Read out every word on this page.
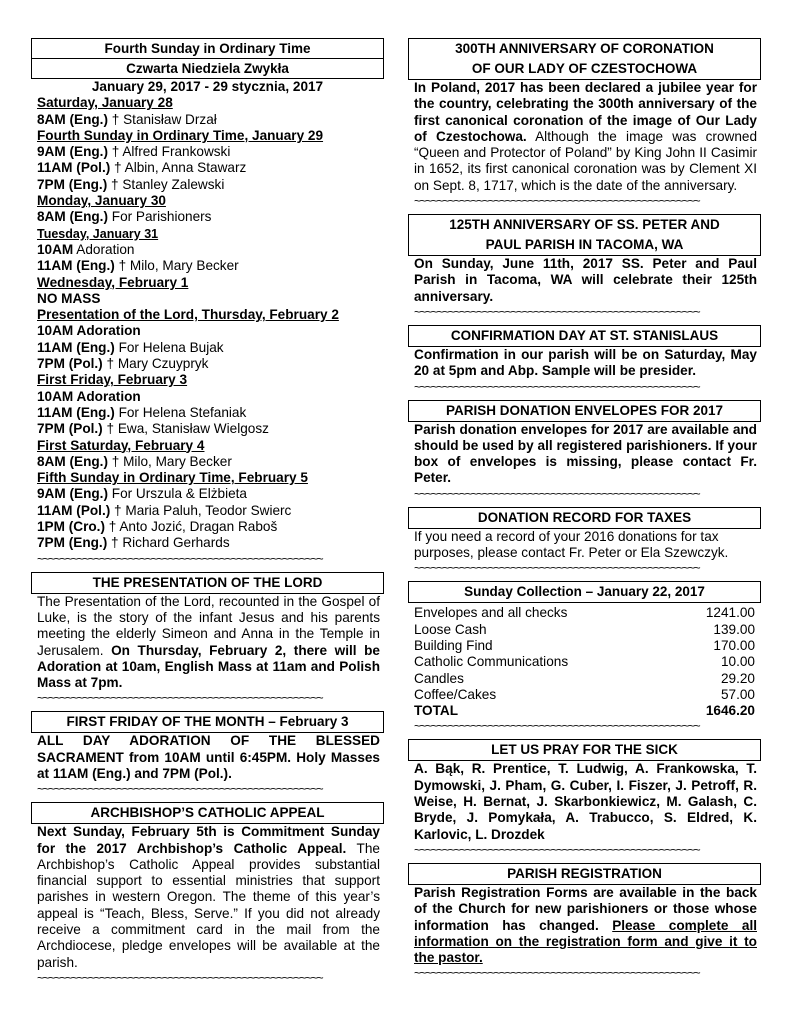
Fourth Sunday in Ordinary Time
Czwarta Niedziela Zwykła
January 29, 2017 - 29 stycznia, 2017
Saturday, January 28
8AM (Eng.) † Stanisław Drzał
Fourth Sunday in Ordinary Time, January 29
9AM (Eng.) † Alfred Frankowski
11AM (Pol.) † Albin, Anna Stawarz
7PM (Eng.) † Stanley Zalewski
Monday, January 30
8AM (Eng.) For Parishioners
Tuesday, January 31
10AM Adoration
11AM (Eng.) † Milo, Mary Becker
Wednesday, February 1
NO MASS
Presentation of the Lord, Thursday, February 2
10AM Adoration
11AM (Eng.) For Helena Bujak
7PM (Pol.) † Mary Czuypryk
First Friday, February 3
10AM Adoration
11AM (Eng.) For Helena Stefaniak
7PM (Pol.) † Ewa, Stanisław Wielgosz
First Saturday, February 4
8AM (Eng.) † Milo, Mary Becker
Fifth Sunday in Ordinary Time, February 5
9AM (Eng.) For Urszula & Elżbieta
11AM (Pol.) † Maria Paluh, Teodor Swierc
1PM (Cro.) † Anto Jozić, Dragan Raboš
7PM (Eng.) † Richard Gerhards
~~~~~~~~~~~~~~~~~~~~~~~~~~~~~~~~~~~~~~~~~~~~~~~~~~
THE PRESENTATION OF THE LORD
The Presentation of the Lord, recounted in the Gospel of Luke, is the story of the infant Jesus and his parents meeting the elderly Simeon and Anna in the Temple in Jerusalem. On Thursday, February 2, there will be Adoration at 10am, English Mass at 11am and Polish Mass at 7pm.
~~~~~~~~~~~~~~~~~~~~~~~~~~~~~~~~~~~~~~~~~~~~~~~~~~
FIRST FRIDAY OF THE MONTH – February 3
ALL DAY ADORATION OF THE BLESSED SACRAMENT from 10AM until 6:45PM. Holy Masses at 11AM (Eng.) and 7PM (Pol.).
~~~~~~~~~~~~~~~~~~~~~~~~~~~~~~~~~~~~~~~~~~~~~~~~~~
ARCHBISHOP’S CATHOLIC APPEAL
Next Sunday, February 5th is Commitment Sunday for the 2017 Archbishop’s Catholic Appeal. The Archbishop’s Catholic Appeal provides substantial financial support to essential ministries that support parishes in western Oregon. The theme of this year’s appeal is “Teach, Bless, Serve.” If you did not already receive a commitment card in the mail from the Archdiocese, pledge envelopes will be available at the parish.
~~~~~~~~~~~~~~~~~~~~~~~~~~~~~~~~~~~~~~~~~~~~~~~~~~
300TH ANNIVERSARY OF CORONATION
OF OUR LADY OF CZESTOCHOWA
In Poland, 2017 has been declared a jubilee year for the country, celebrating the 300th anniversary of the first canonical coronation of the image of Our Lady of Czestochowa. Although the image was crowned “Queen and Protector of Poland” by King John II Casimir in 1652, its first canonical coronation was by Clement XI on Sept. 8, 1717, which is the date of the anniversary.
~~~~~~~~~~~~~~~~~~~~~~~~~~~~~~~~~~~~~~~~~~~~~~~~~~
125TH ANNIVERSARY OF SS. PETER AND
PAUL PARISH IN TACOMA, WA
On Sunday, June 11th, 2017 SS. Peter and Paul Parish in Tacoma, WA will celebrate their 125th anniversary.
~~~~~~~~~~~~~~~~~~~~~~~~~~~~~~~~~~~~~~~~~~~~~~~~~~
CONFIRMATION DAY AT ST. STANISLAUS
Confirmation in our parish will be on Saturday, May 20 at 5pm and Abp. Sample will be presider.
~~~~~~~~~~~~~~~~~~~~~~~~~~~~~~~~~~~~~~~~~~~~~~~~~~
PARISH DONATION ENVELOPES FOR 2017
Parish donation envelopes for 2017 are available and should be used by all registered parishioners. If your box of envelopes is missing, please contact Fr. Peter.
~~~~~~~~~~~~~~~~~~~~~~~~~~~~~~~~~~~~~~~~~~~~~~~~~~
DONATION RECORD FOR TAXES
If you need a record of your 2016 donations for tax purposes, please contact Fr. Peter or Ela Szewczyk.
~~~~~~~~~~~~~~~~~~~~~~~~~~~~~~~~~~~~~~~~~~~~~~~~~~
Sunday Collection – January 22, 2017
Envelopes and all checks	1241.00
Loose Cash	139.00
Building Find	170.00
Catholic Communications	10.00
Candles	29.20
Coffee/Cakes	57.00
TOTAL	1646.20
~~~~~~~~~~~~~~~~~~~~~~~~~~~~~~~~~~~~~~~~~~~~~~~~~~
LET US PRAY FOR THE SICK
A. Bąk, R. Prentice, T. Ludwig, A. Frankowska, T. Dymowski, J. Pham, G. Cuber, I. Fiszer, J. Petroff, R. Weise, H. Bernat, J. Skarbonkiewicz, M. Galash, C. Bryde, J. Pomykała, A. Trabucco, S. Eldred, K. Karlovic, L. Drozdek
~~~~~~~~~~~~~~~~~~~~~~~~~~~~~~~~~~~~~~~~~~~~~~~~~~
PARISH REGISTRATION
Parish Registration Forms are available in the back of the Church for new parishioners or those whose information has changed. Please complete all information on the registration form and give it to the pastor.
~~~~~~~~~~~~~~~~~~~~~~~~~~~~~~~~~~~~~~~~~~~~~~~~~~
